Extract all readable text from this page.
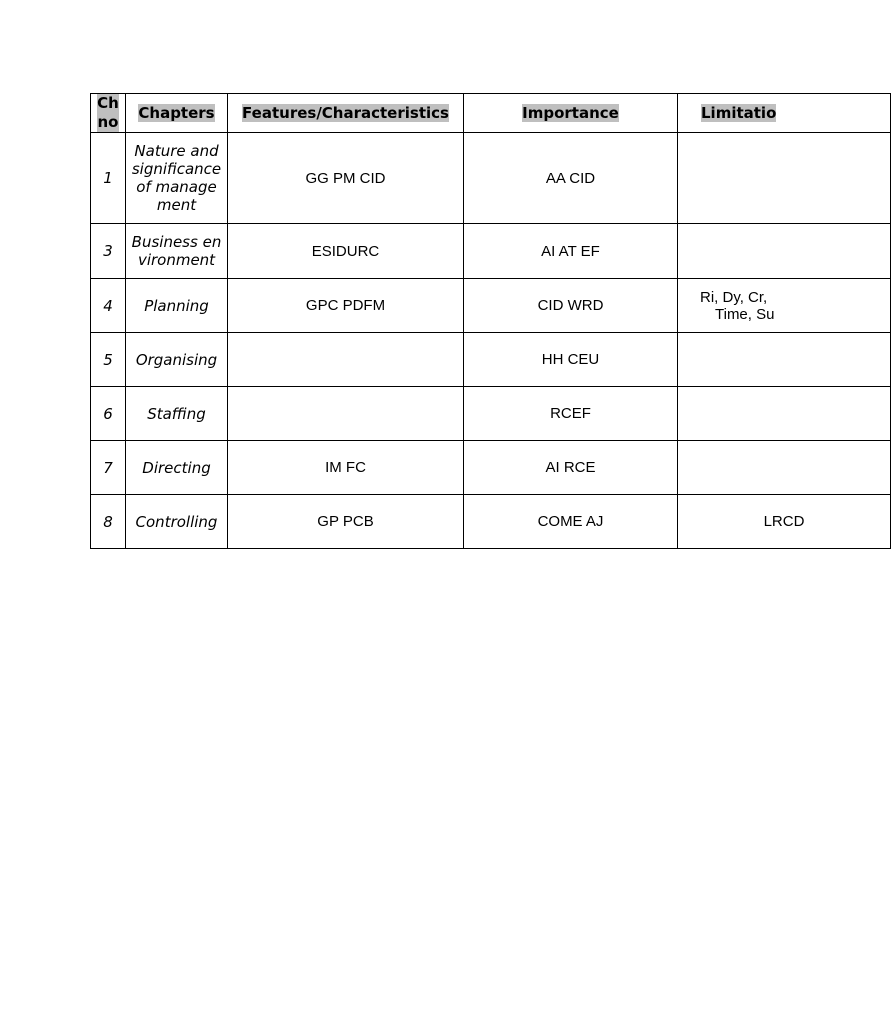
Ch no	Chapters	Features/Characteristics	Importance	Limitatio
1	Nature and significance of management	GG PM CID	AA CID	
3	Business environment	ESIDURC	AI AT EF	
4	Planning	GPC PDFM	CID WRD	Ri, Dy, Cr,
Time, Su

5	Organising		HH CEU	
6	Staffing		RCEF	
7	Directing	IM FC	AI RCE	
8	Controlling	GP PCB	COME AJ	LRCD
